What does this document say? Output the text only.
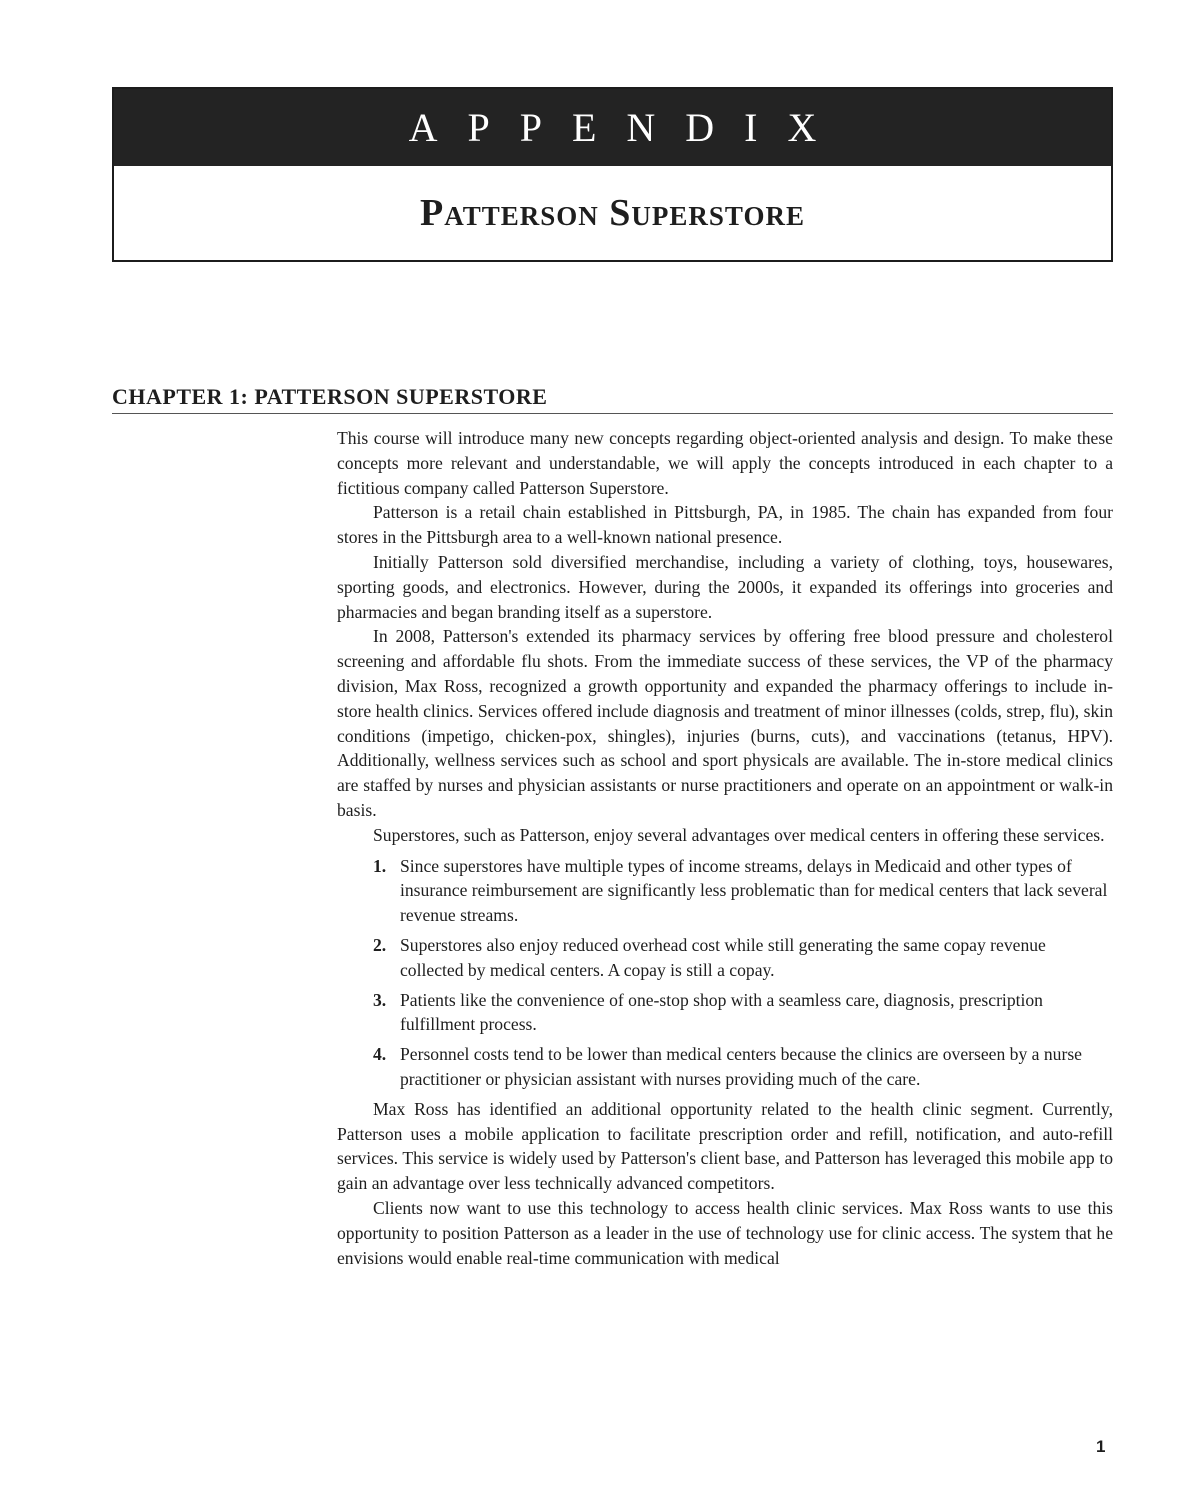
APPENDIX
Patterson Superstore
CHAPTER 1: PATTERSON SUPERSTORE

This course will introduce many new concepts regarding object-oriented analysis and design. To make these concepts more relevant and understandable, we will apply the concepts introduced in each chapter to a fictitious company called Patterson Superstore.

Patterson is a retail chain established in Pittsburgh, PA, in 1985. The chain has expanded from four stores in the Pittsburgh area to a well-known national presence.

Initially Patterson sold diversified merchandise, including a variety of clothing, toys, housewares, sporting goods, and electronics. However, during the 2000s, it expanded its offerings into groceries and pharmacies and began branding itself as a superstore.

In 2008, Patterson's extended its pharmacy services by offering free blood pressure and cholesterol screening and affordable flu shots. From the immediate success of these services, the VP of the pharmacy division, Max Ross, recognized a growth opportunity and expanded the pharmacy offerings to include in-store health clinics. Services offered include diagnosis and treatment of minor illnesses (colds, strep, flu), skin conditions (impetigo, chicken-pox, shingles), injuries (burns, cuts), and vaccinations (tetanus, HPV). Additionally, wellness services such as school and sport physicals are available. The in-store medical clinics are staffed by nurses and physician assistants or nurse practitioners and operate on an appointment or walk-in basis.

Superstores, such as Patterson, enjoy several advantages over medical centers in offering these services.

1. Since superstores have multiple types of income streams, delays in Medicaid and other types of insurance reimbursement are significantly less problematic than for medical centers that lack several revenue streams.
2. Superstores also enjoy reduced overhead cost while still generating the same copay revenue collected by medical centers. A copay is still a copay.
3. Patients like the convenience of one-stop shop with a seamless care, diagnosis, prescription fulfillment process.
4. Personnel costs tend to be lower than medical centers because the clinics are overseen by a nurse practitioner or physician assistant with nurses providing much of the care.

Max Ross has identified an additional opportunity related to the health clinic segment. Currently, Patterson uses a mobile application to facilitate prescription order and refill, notification, and auto-refill services. This service is widely used by Patterson's client base, and Patterson has leveraged this mobile app to gain an advantage over less technically advanced competitors.

Clients now want to use this technology to access health clinic services. Max Ross wants to use this opportunity to position Patterson as a leader in the use of technology use for clinic access. The system that he envisions would enable real-time communication with medical

1
